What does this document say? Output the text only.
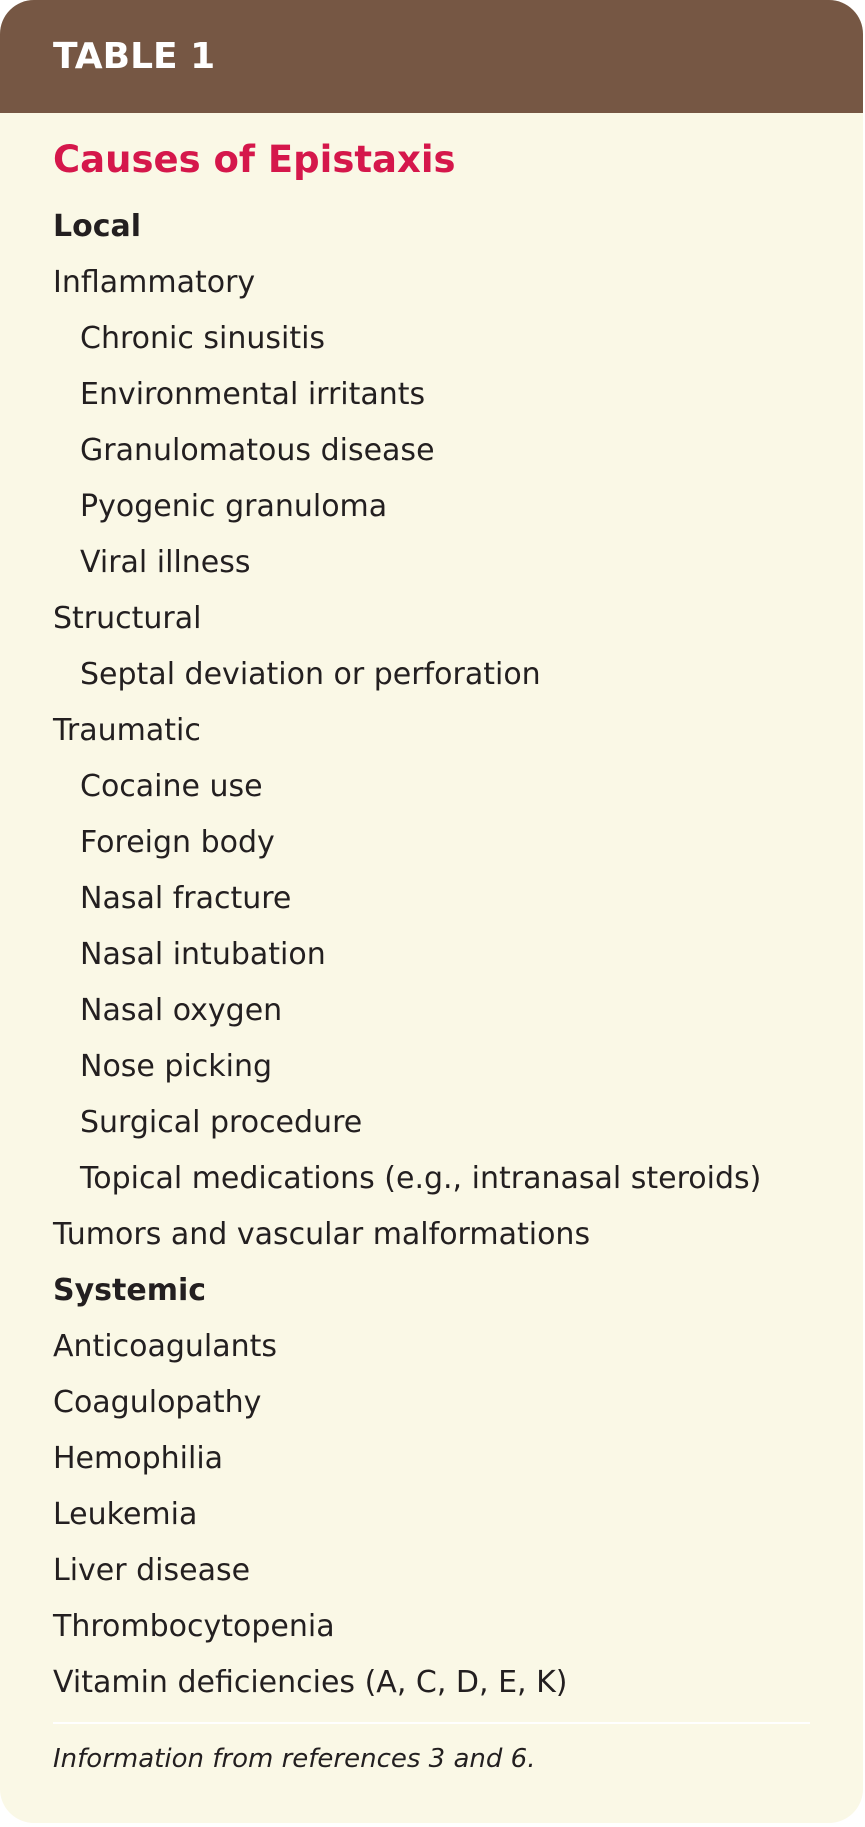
TABLE 1
Causes of Epistaxis
Local
Inflammatory
Chronic sinusitis
Environmental irritants
Granulomatous disease
Pyogenic granuloma
Viral illness
Structural
Septal deviation or perforation
Traumatic
Cocaine use
Foreign body
Nasal fracture
Nasal intubation
Nasal oxygen
Nose picking
Surgical procedure
Topical medications (e.g., intranasal steroids)
Tumors and vascular malformations
Systemic
Anticoagulants
Coagulopathy
Hemophilia
Leukemia
Liver disease
Thrombocytopenia
Vitamin deficiencies (A, C, D, E, K)
Information from references 3 and 6.
